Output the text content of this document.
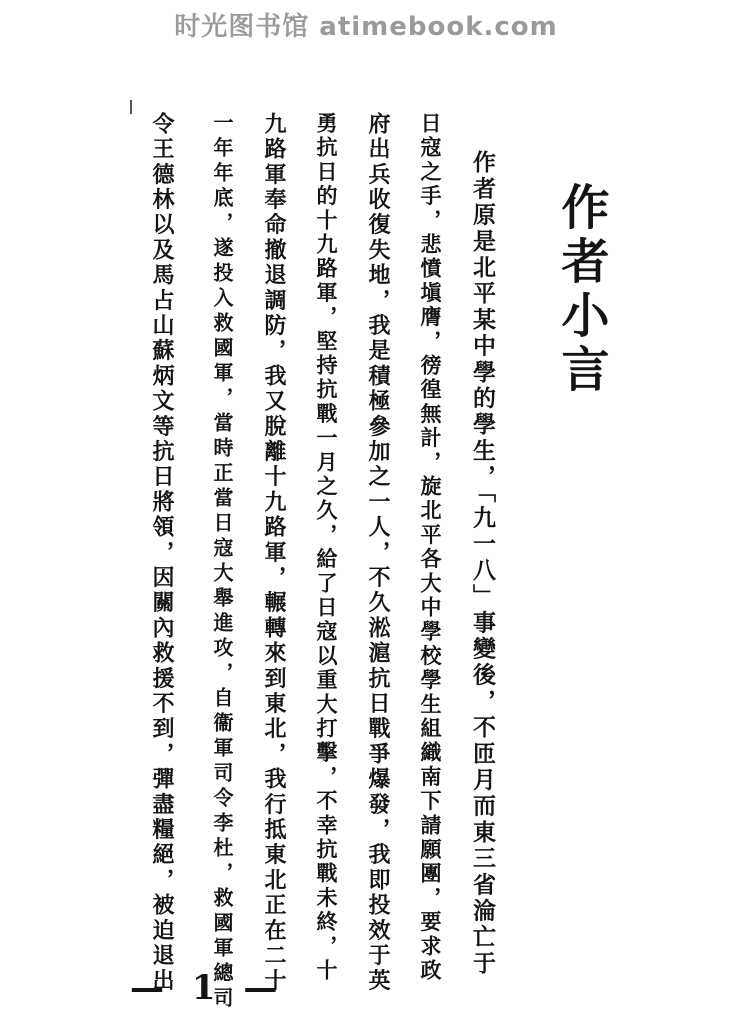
时光图书馆 atimebook.com
作者小言
作者原是北平某中學的學生，「九一八」事變後，不匝月而東三省淪亡于
日寇之手，悲憤塡膺，徬徨無計，旋北平各大中學校學生組織南下請願團，要求政
府出兵收復失地，我是積極參加之一人，不久淞滬抗日戰爭爆發，我即投效于英
勇抗日的十九路軍，堅持抗戰一月之久，給了日寇以重大打擊，不幸抗戰未終，十
九路軍奉命撤退調防，我又脫離十九路軍，輾轉來到東北，我行抵東北正在二十
一年年底，遂投入救國軍，當時正當日寇大舉進攻，自衞軍司令李杜，救國軍總司
令王德林以及馬占山蘇炳文等抗日將領，因關內救援不到，彈盡糧絕，被迫退出
— 1 —
